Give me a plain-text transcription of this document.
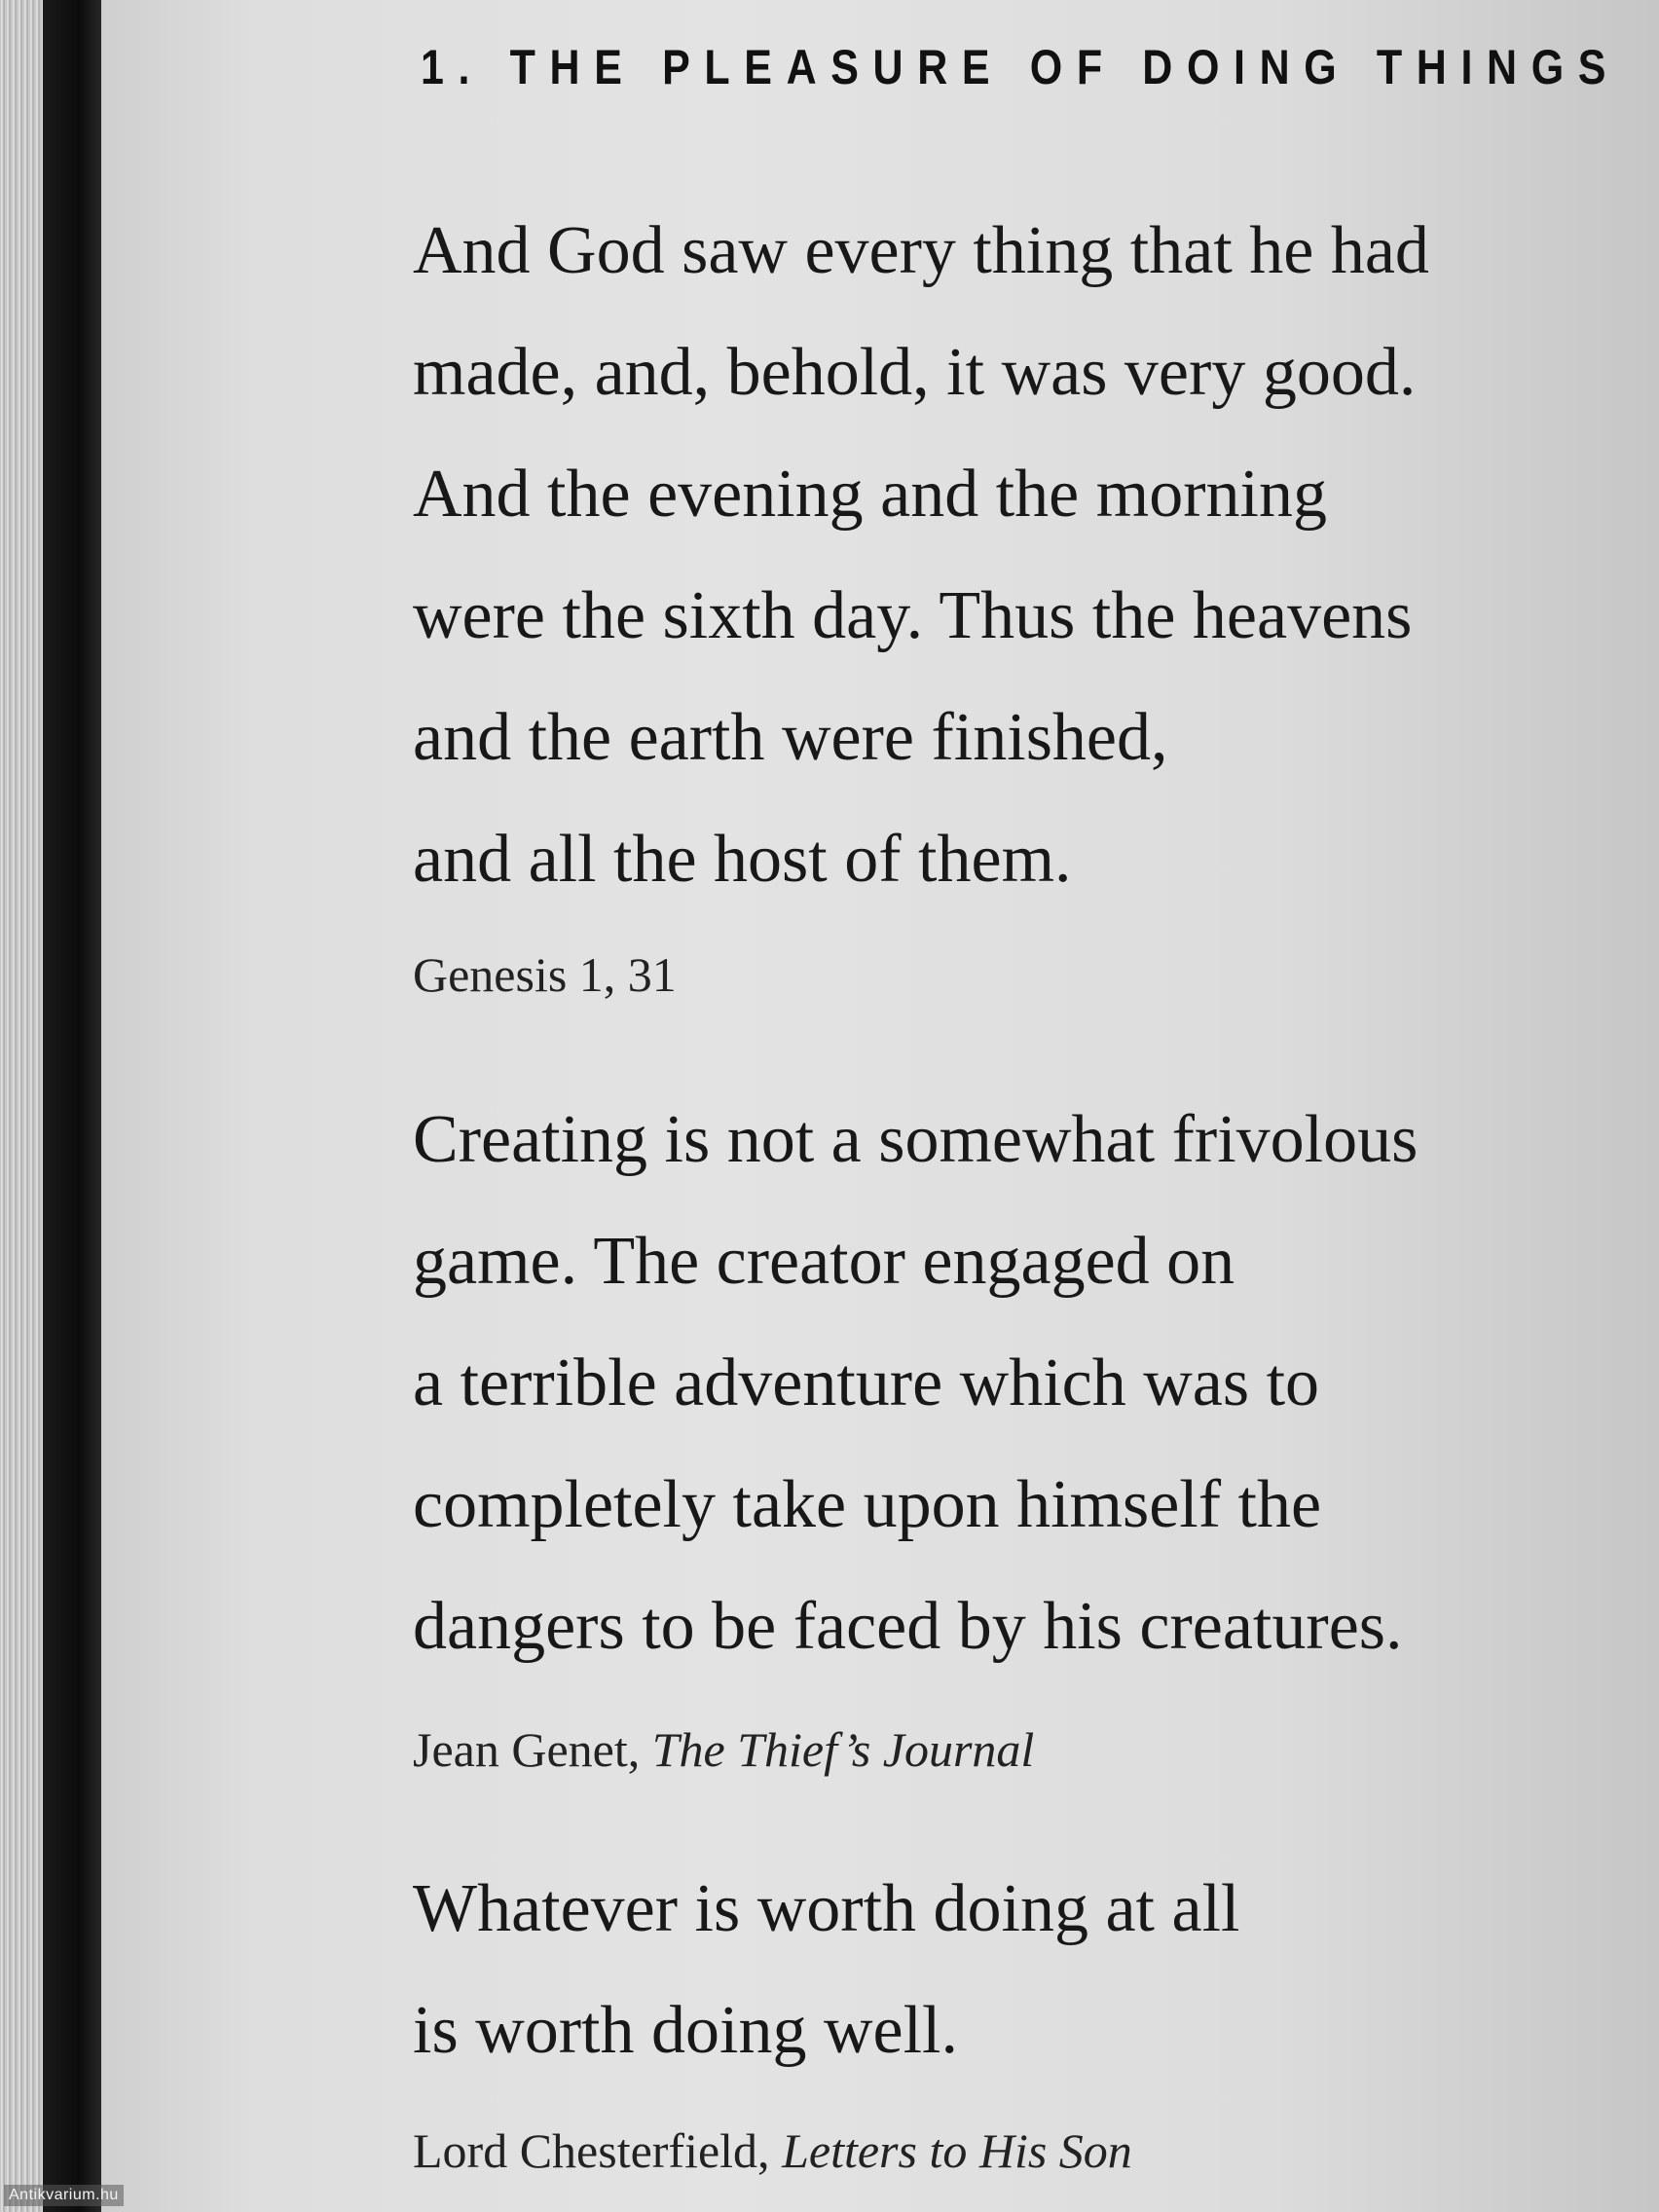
1. THE PLEASURE OF DOING THINGS

And God saw every thing that he had
made, and, behold, it was very good.
And the evening and the morning
were the sixth day. Thus the heavens
and the earth were finished,
and all the host of them.

Genesis 1, 31

Creating is not a somewhat frivolous
game. The creator engaged on
a terrible adventure which was to
completely take upon himself the
dangers to be faced by his creatures.

Jean Genet, The Thief’s Journal

Whatever is worth doing at all
is worth doing well.

Lord Chesterfield, Letters to His Son

Antikvarium.hu
